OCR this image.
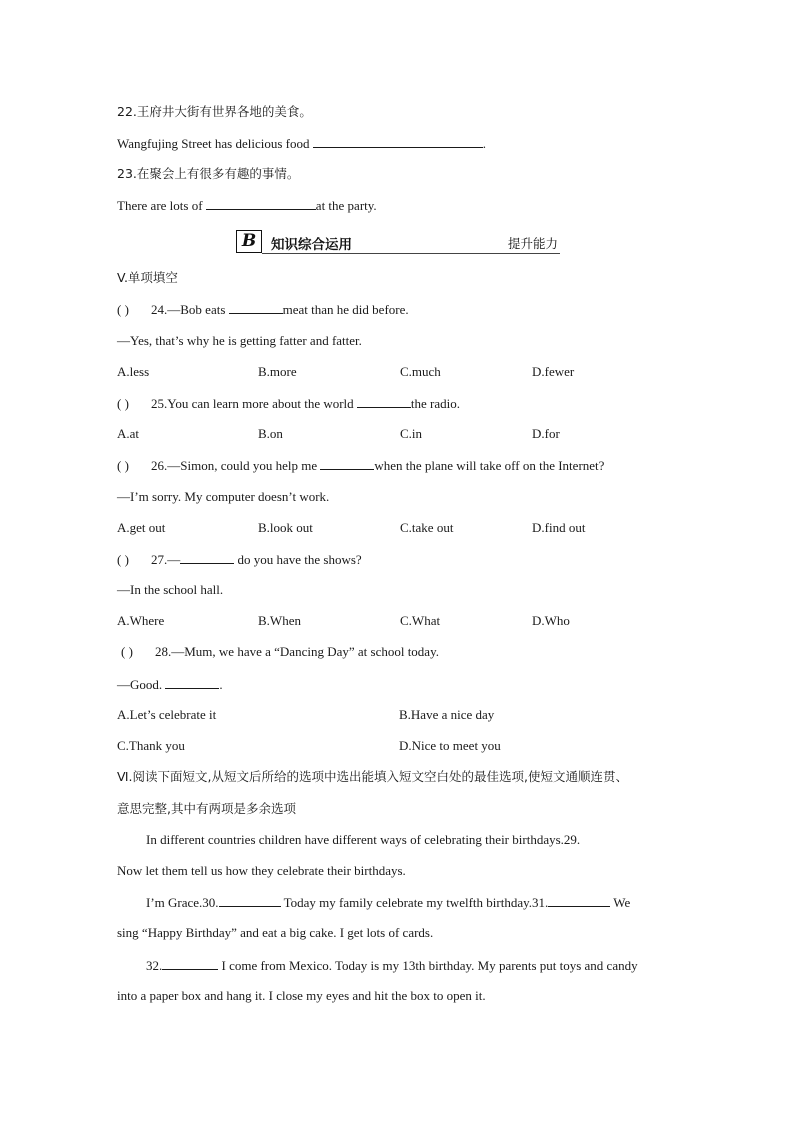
22.王府井大街有世界各地的美食。
Wangfujing Street has delicious food	.
23.在聚会上有很多有趣的事情。
There are lots of	at the party.
B	知识综合运用	提升能力
V.单项填空
( ) 24.—Bob eats	meat than he did before.
—Yes, that’s why he is getting fatter and fatter.
A.less	B.more	C.much	D.fewer
( ) 25.You can learn more about the world	the radio.
A.at	B.on	C.in	D.for
( ) 26.—Simon, could you help me	when the plane will take off on the Internet?
—I’m sorry. My computer doesn’t work.
A.get out	B.look out	C.take out	D.find out
( ) 27.—	do you have the shows?
—In the school hall.
A.Where	B.When	C.What	D.Who
( ) 28.—Mum, we have a “Dancing Day” at school today.
—Good.	.
A.Let’s celebrate it	B.Have a nice day
C.Thank you	D.Nice to meet you
Ⅵ.阅读下面短文,从短文后所给的选项中选出能填入短文空白处的最佳选项,使短文通顺连贯、
意思完整,其中有两项是多余选项
In different countries children have different ways of celebrating their birthdays.29.
Now let them tell us how they celebrate their birthdays.
I’m Grace.30.	Today my family celebrate my twelfth birthday.31.	We
sing “Happy Birthday” and eat a big cake. I get lots of cards.
32.	I come from Mexico. Today is my 13th birthday. My parents put toys and candy
into a paper box and hang it. I close my eyes and hit the box to open it.
